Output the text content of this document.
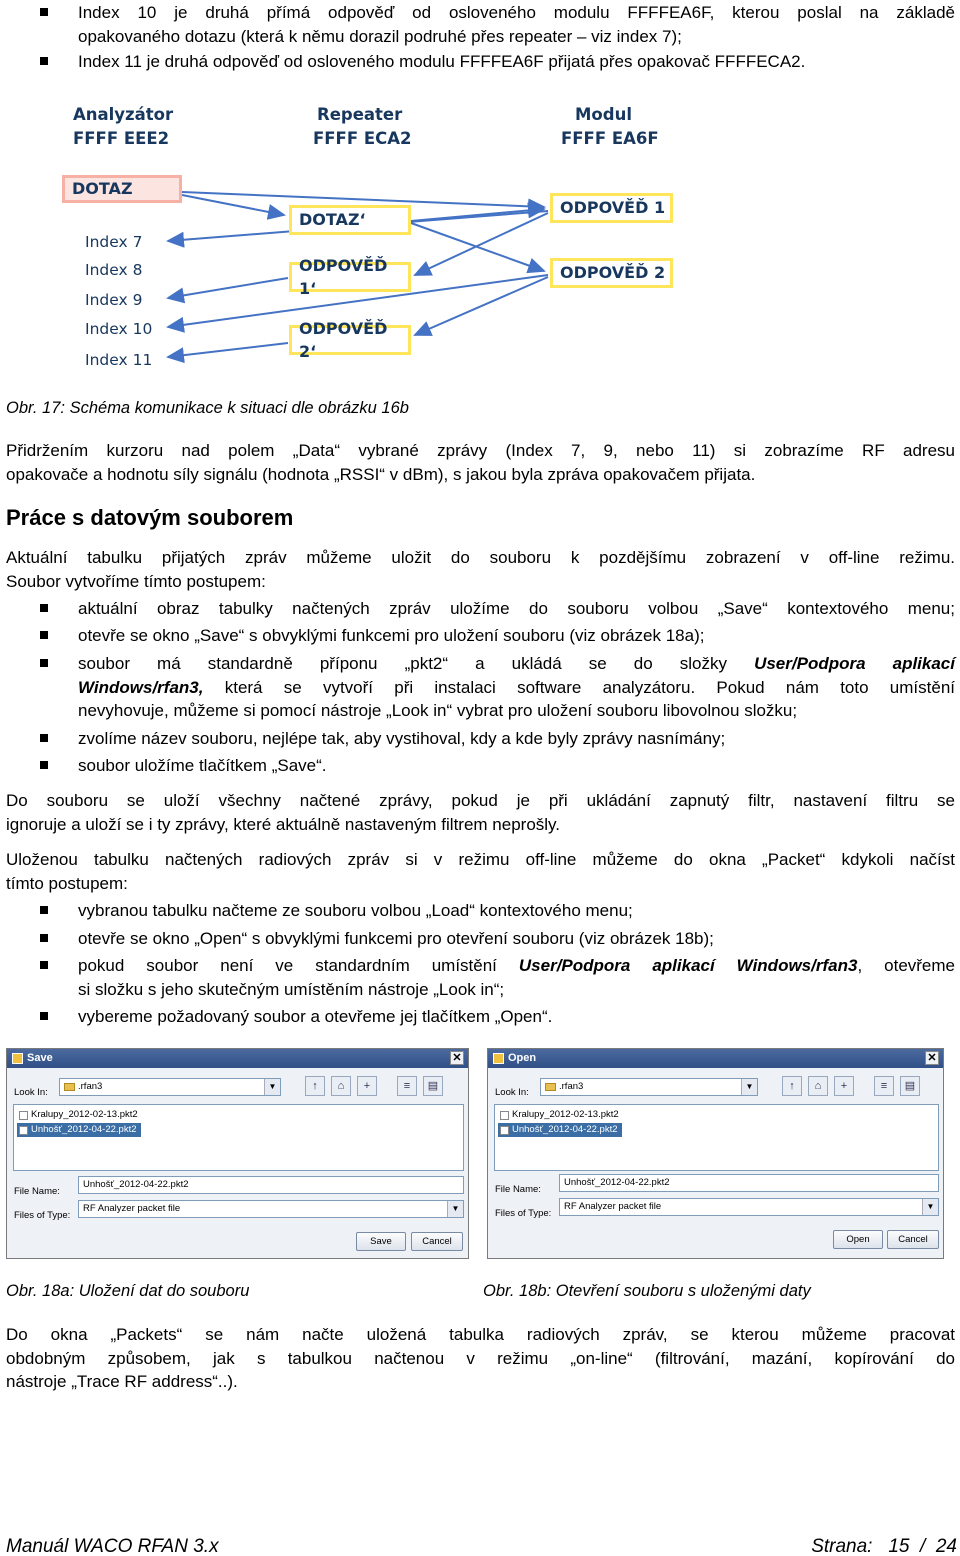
Index 10 je druhá přímá odpověď od osloveného modulu FFFFEA6F, kterou poslal na základě
opakovaného dotazu (která k němu dorazil podruhé přes repeater – viz index 7);
Index 11 je druhá odpověď od osloveného modulu FFFFEA6F přijatá přes opakovač FFFFECA2.
Analyzátor
FFFF EEE2
Repeater
FFFF ECA2
Modul
FFFF EA6F
DOTAZ
DOTAZ‘
ODPOVĚĎ 1
ODPOVĚĎ 2
ODPOVĚĎ 1‘
ODPOVĚĎ 2‘
Index 7
Index 8
Index 9
Index 10
Index 11
Obr. 17: Schéma komunikace k situaci dle obrázku 16b
Přidržením kurzoru nad polem „Data“ vybrané zprávy (Index 7, 9, nebo 11) si zobrazíme RF adresu
opakovače a hodnotu síly signálu (hodnota „RSSI“ v dBm), s jakou byla zpráva opakovačem přijata.
Práce s datovým souborem
Aktuální tabulku přijatých zpráv můžeme uložit do souboru k pozdějšímu zobrazení v off-line režimu.
Soubor vytvoříme tímto postupem:
aktuální obraz tabulky načtených zpráv uložíme do souboru volbou „Save“ kontextového menu;
otevře se okno „Save“ s obvyklými funkcemi pro uložení souboru (viz obrázek 18a);
soubor má standardně příponu „pkt2“ a ukládá se do složky User/Podpora aplikací
Windows/rfan3, která se vytvoří při instalaci software analyzátoru. Pokud nám toto umístění
nevyhovuje, můžeme si pomocí nástroje „Look in“ vybrat pro uložení souboru libovolnou složku;
zvolíme název souboru, nejlépe tak, aby vystihoval, kdy a kde byly zprávy nasnímány;
soubor uložíme tlačítkem „Save“.
Do souboru se uloží všechny načtené zprávy, pokud je při ukládání zapnutý filtr, nastavení filtru se
ignoruje a uloží se i ty zprávy, které aktuálně nastaveným filtrem neprošly.
Uloženou tabulku načtených radiových zpráv si v režimu off-line můžeme do okna „Packet“ kdykoli načíst
tímto postupem:
vybranou tabulku načteme ze souboru volbou „Load“ kontextového menu;
otevře se okno „Open“ s obvyklými funkcemi pro otevření souboru (viz obrázek 18b);
pokud soubor není ve standardním umístění User/Podpora aplikací Windows/rfan3, otevřeme
si složku s jeho skutečným umístěním nástroje „Look in“;
vybereme požadovaný soubor a otevřeme jej tlačítkem „Open“.
Save	✕
Look In:
.rfan3	▼	↑	⌂	+	≡	▤
Kralupy_2012-02-13.pkt2
Unhošť_2012-04-22.pkt2
File Name:
Unhošť_2012-04-22.pkt2
Files of Type:
RF Analyzer packet file	▼
Save	Cancel
Open	✕
Look In:
.rfan3	▼	↑	⌂	+	≡	▤
Kralupy_2012-02-13.pkt2
Unhošť_2012-04-22.pkt2
File Name:
Unhošť_2012-04-22.pkt2
Files of Type:
RF Analyzer packet file	▼
Open	Cancel
Obr. 18a: Uložení dat do souboru	Obr. 18b: Otevření souboru s uloženými daty
Do okna „Packets“ se nám načte uložená tabulka radiových zpráv, se kterou můžeme pracovat
obdobným způsobem, jak s tabulkou načtenou v režimu „on-line“ (filtrování, mazání, kopírování do
nástroje „Trace RF address“..).
Manuál WACO RFAN 3.x	Strana: 15 / 24
